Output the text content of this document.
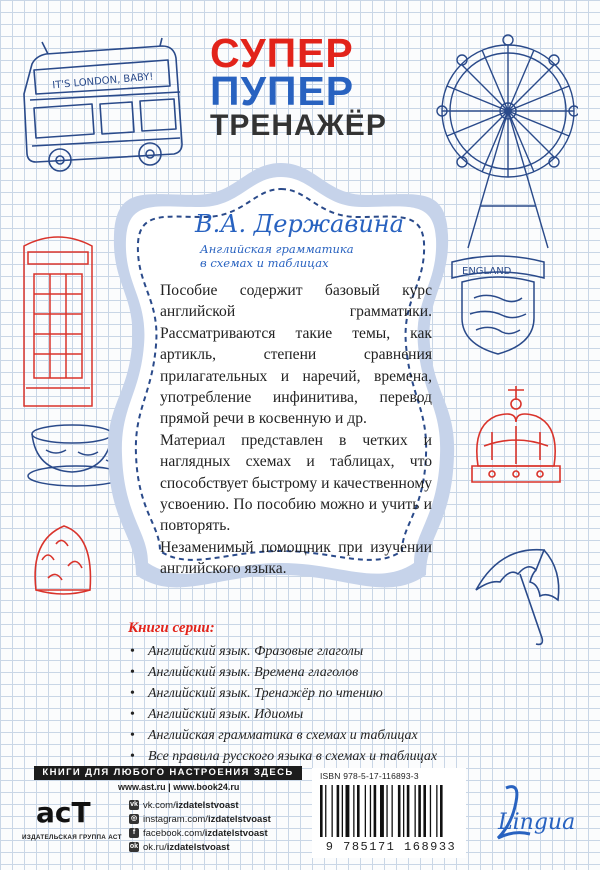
СУПЕР
ПУПЕР
ТРЕНАЖЁР
IT'S LONDON, BABY!
ENGLAND
В.А. Державина
Английская грамматика
в схемах и таблицах

Пособие содержит базовый курс английской грамматики. Рассматриваются такие темы, как артикль, степени сравнения прилагательных и наречий, времена, употребление инфинитива, перевод прямой речи в косвенную и др.

Материал представлен в четких и наглядных схемах и таблицах, что способствует быстрому и качественному усвоению. По пособию можно и учить и повторять.

Незаменимый помощник при изучении английского языка.

Книги серии:
• Английский язык. Фразовые глаголы
• Английский язык. Времена глаголов
• Английский язык. Тренажёр по чтению
• Английский язык. Идиомы
• Английская грамматика в схемах и таблицах
• Все правила русского языка в схемах и таблицах
КНИГИ ДЛЯ ЛЮБОГО НАСТРОЕНИЯ ЗДЕСЬ
acT
ИЗДАТЕЛЬСКАЯ ГРУППА АСТ
www.ast.ru | www.book24.ru
vk vk.com/ izdatelstvoast
◎ instagram.com/ izdatelstvoast
f facebook.com/ izdatelstvoast
ok ok.ru/ izdatelstvoast
ISBN 978-5-17-116893-3
9 785171 168933
Lingua
